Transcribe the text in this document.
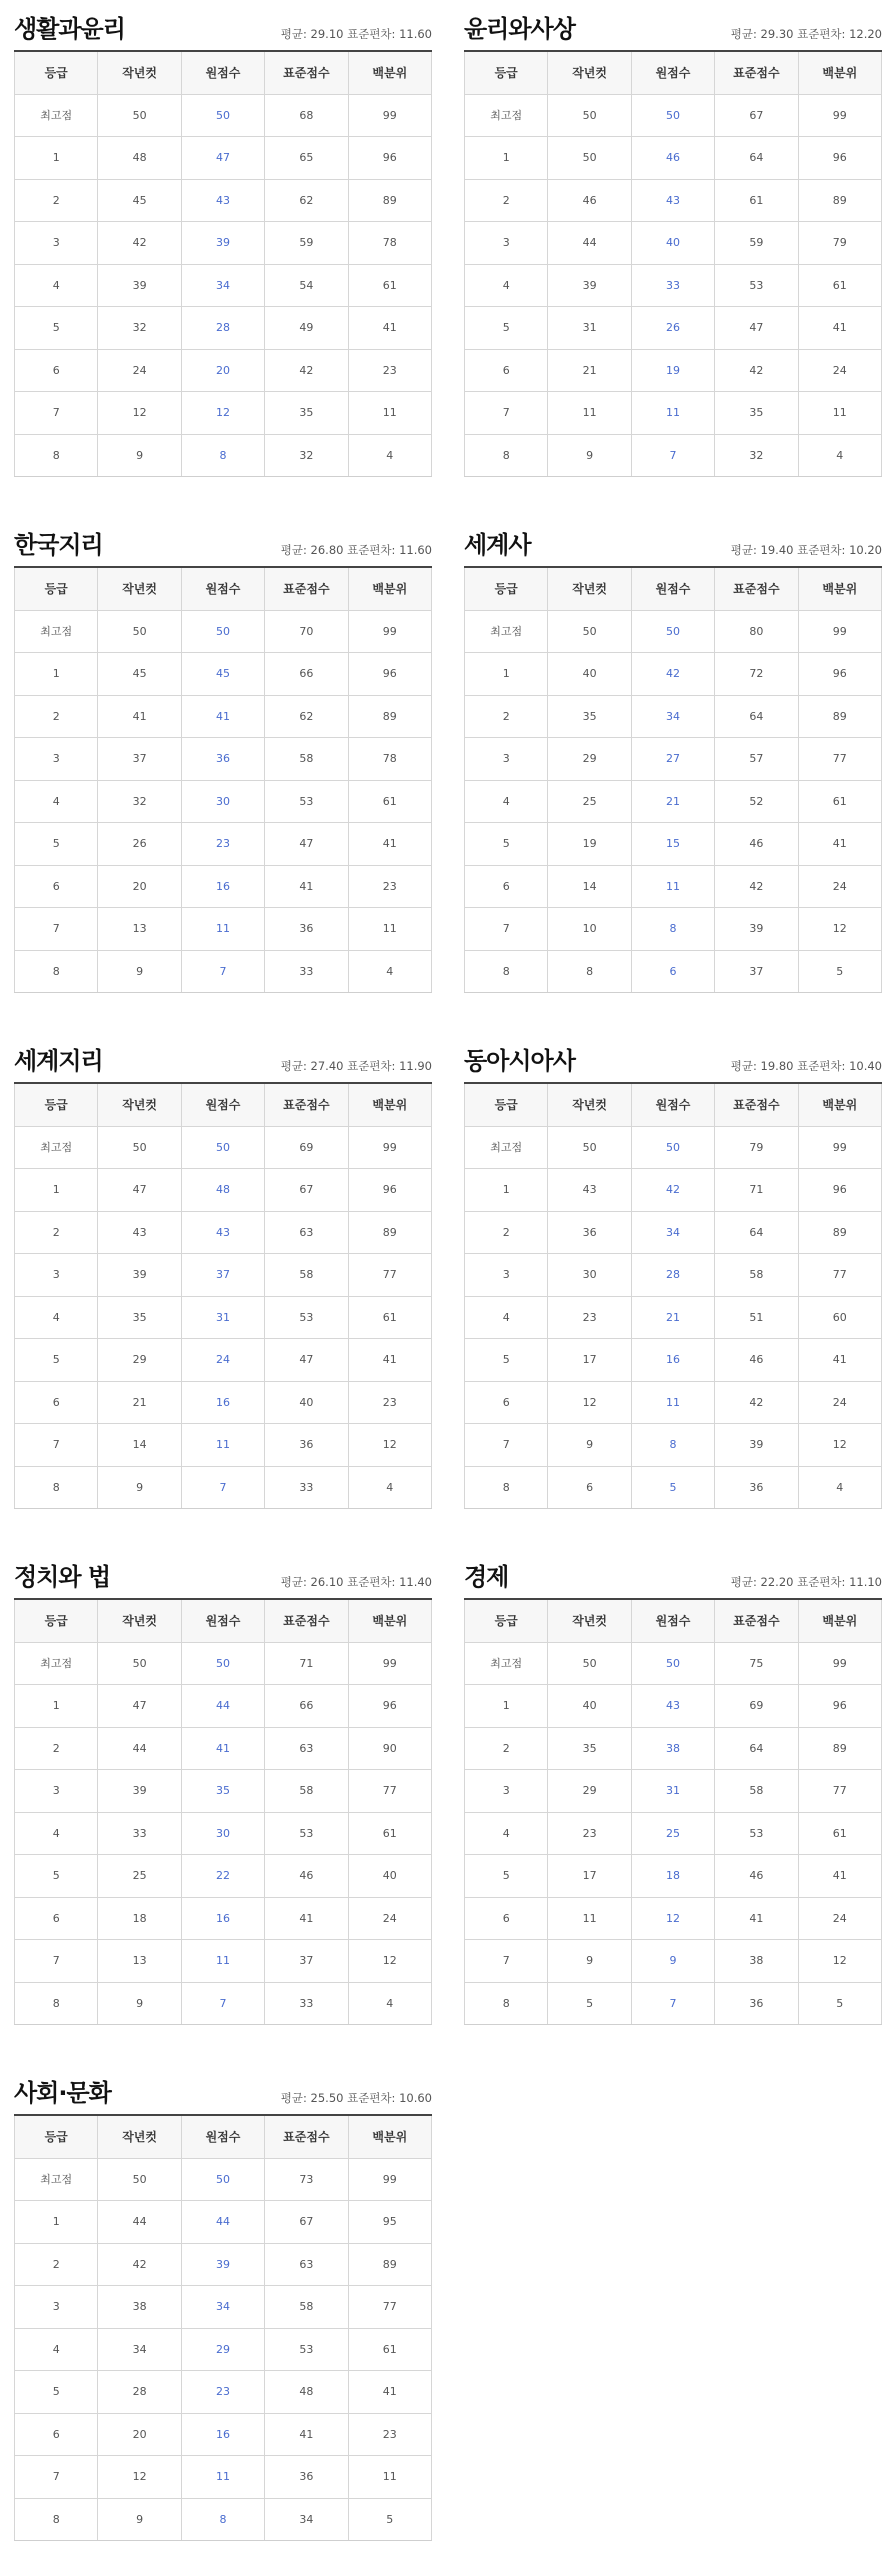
생활과윤리	평균: 29.10 표준편차: 11.60
등급	작년컷	원점수	표준점수	백분위
최고점	50	50	68	99
1	48	47	65	96
2	45	43	62	89
3	42	39	59	78
4	39	34	54	61
5	32	28	49	41
6	24	20	42	23
7	12	12	35	11
8	9	8	32	4
윤리와사상	평균: 29.30 표준편차: 12.20
등급	작년컷	원점수	표준점수	백분위
최고점	50	50	67	99
1	50	46	64	96
2	46	43	61	89
3	44	40	59	79
4	39	33	53	61
5	31	26	47	41
6	21	19	42	24
7	11	11	35	11
8	9	7	32	4
한국지리	평균: 26.80 표준편차: 11.60
등급	작년컷	원점수	표준점수	백분위
최고점	50	50	70	99
1	45	45	66	96
2	41	41	62	89
3	37	36	58	78
4	32	30	53	61
5	26	23	47	41
6	20	16	41	23
7	13	11	36	11
8	9	7	33	4
세계사	평균: 19.40 표준편차: 10.20
등급	작년컷	원점수	표준점수	백분위
최고점	50	50	80	99
1	40	42	72	96
2	35	34	64	89
3	29	27	57	77
4	25	21	52	61
5	19	15	46	41
6	14	11	42	24
7	10	8	39	12
8	8	6	37	5
세계지리	평균: 27.40 표준편차: 11.90
등급	작년컷	원점수	표준점수	백분위
최고점	50	50	69	99
1	47	48	67	96
2	43	43	63	89
3	39	37	58	77
4	35	31	53	61
5	29	24	47	41
6	21	16	40	23
7	14	11	36	12
8	9	7	33	4
동아시아사	평균: 19.80 표준편차: 10.40
등급	작년컷	원점수	표준점수	백분위
최고점	50	50	79	99
1	43	42	71	96
2	36	34	64	89
3	30	28	58	77
4	23	21	51	60
5	17	16	46	41
6	12	11	42	24
7	9	8	39	12
8	6	5	36	4
정치와 법	평균: 26.10 표준편차: 11.40
등급	작년컷	원점수	표준점수	백분위
최고점	50	50	71	99
1	47	44	66	96
2	44	41	63	90
3	39	35	58	77
4	33	30	53	61
5	25	22	46	40
6	18	16	41	24
7	13	11	37	12
8	9	7	33	4
경제	평균: 22.20 표준편차: 11.10
등급	작년컷	원점수	표준점수	백분위
최고점	50	50	75	99
1	40	43	69	96
2	35	38	64	89
3	29	31	58	77
4	23	25	53	61
5	17	18	46	41
6	11	12	41	24
7	9	9	38	12
8	5	7	36	5
사회·문화	평균: 25.50 표준편차: 10.60
등급	작년컷	원점수	표준점수	백분위
최고점	50	50	73	99
1	44	44	67	95
2	42	39	63	89
3	38	34	58	77
4	34	29	53	61
5	28	23	48	41
6	20	16	41	23
7	12	11	36	11
8	9	8	34	5
